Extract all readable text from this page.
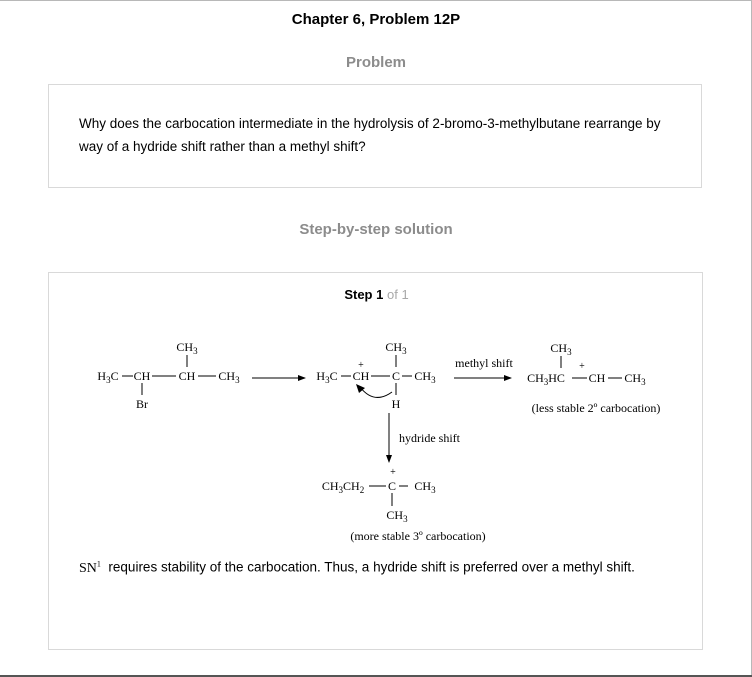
Chapter 6, Problem 12P
Problem
Why does the carbocation intermediate in the hydrolysis of 2-bromo-3-methylbutane rearrange by way of a hydride shift rather than a methyl shift?
Step-by-step solution
Step 1 of 1
$CH_3$
$H_3C$ CH CH $CH_3$
Br
$CH_3$
+
$H_3C$ CH C $CH_3$
H
methyl shift
$CH_3$
$CH_3HC$
+
CH $CH_3$
(less stable 2º carbocation)
hydride shift
+
$CH_3CH_2$ C $CH_3$
$CH_3$
(more stable 3º carbocation)
$SN^1$ requires stability of the carbocation. Thus, a hydride shift is preferred over a methyl shift.
